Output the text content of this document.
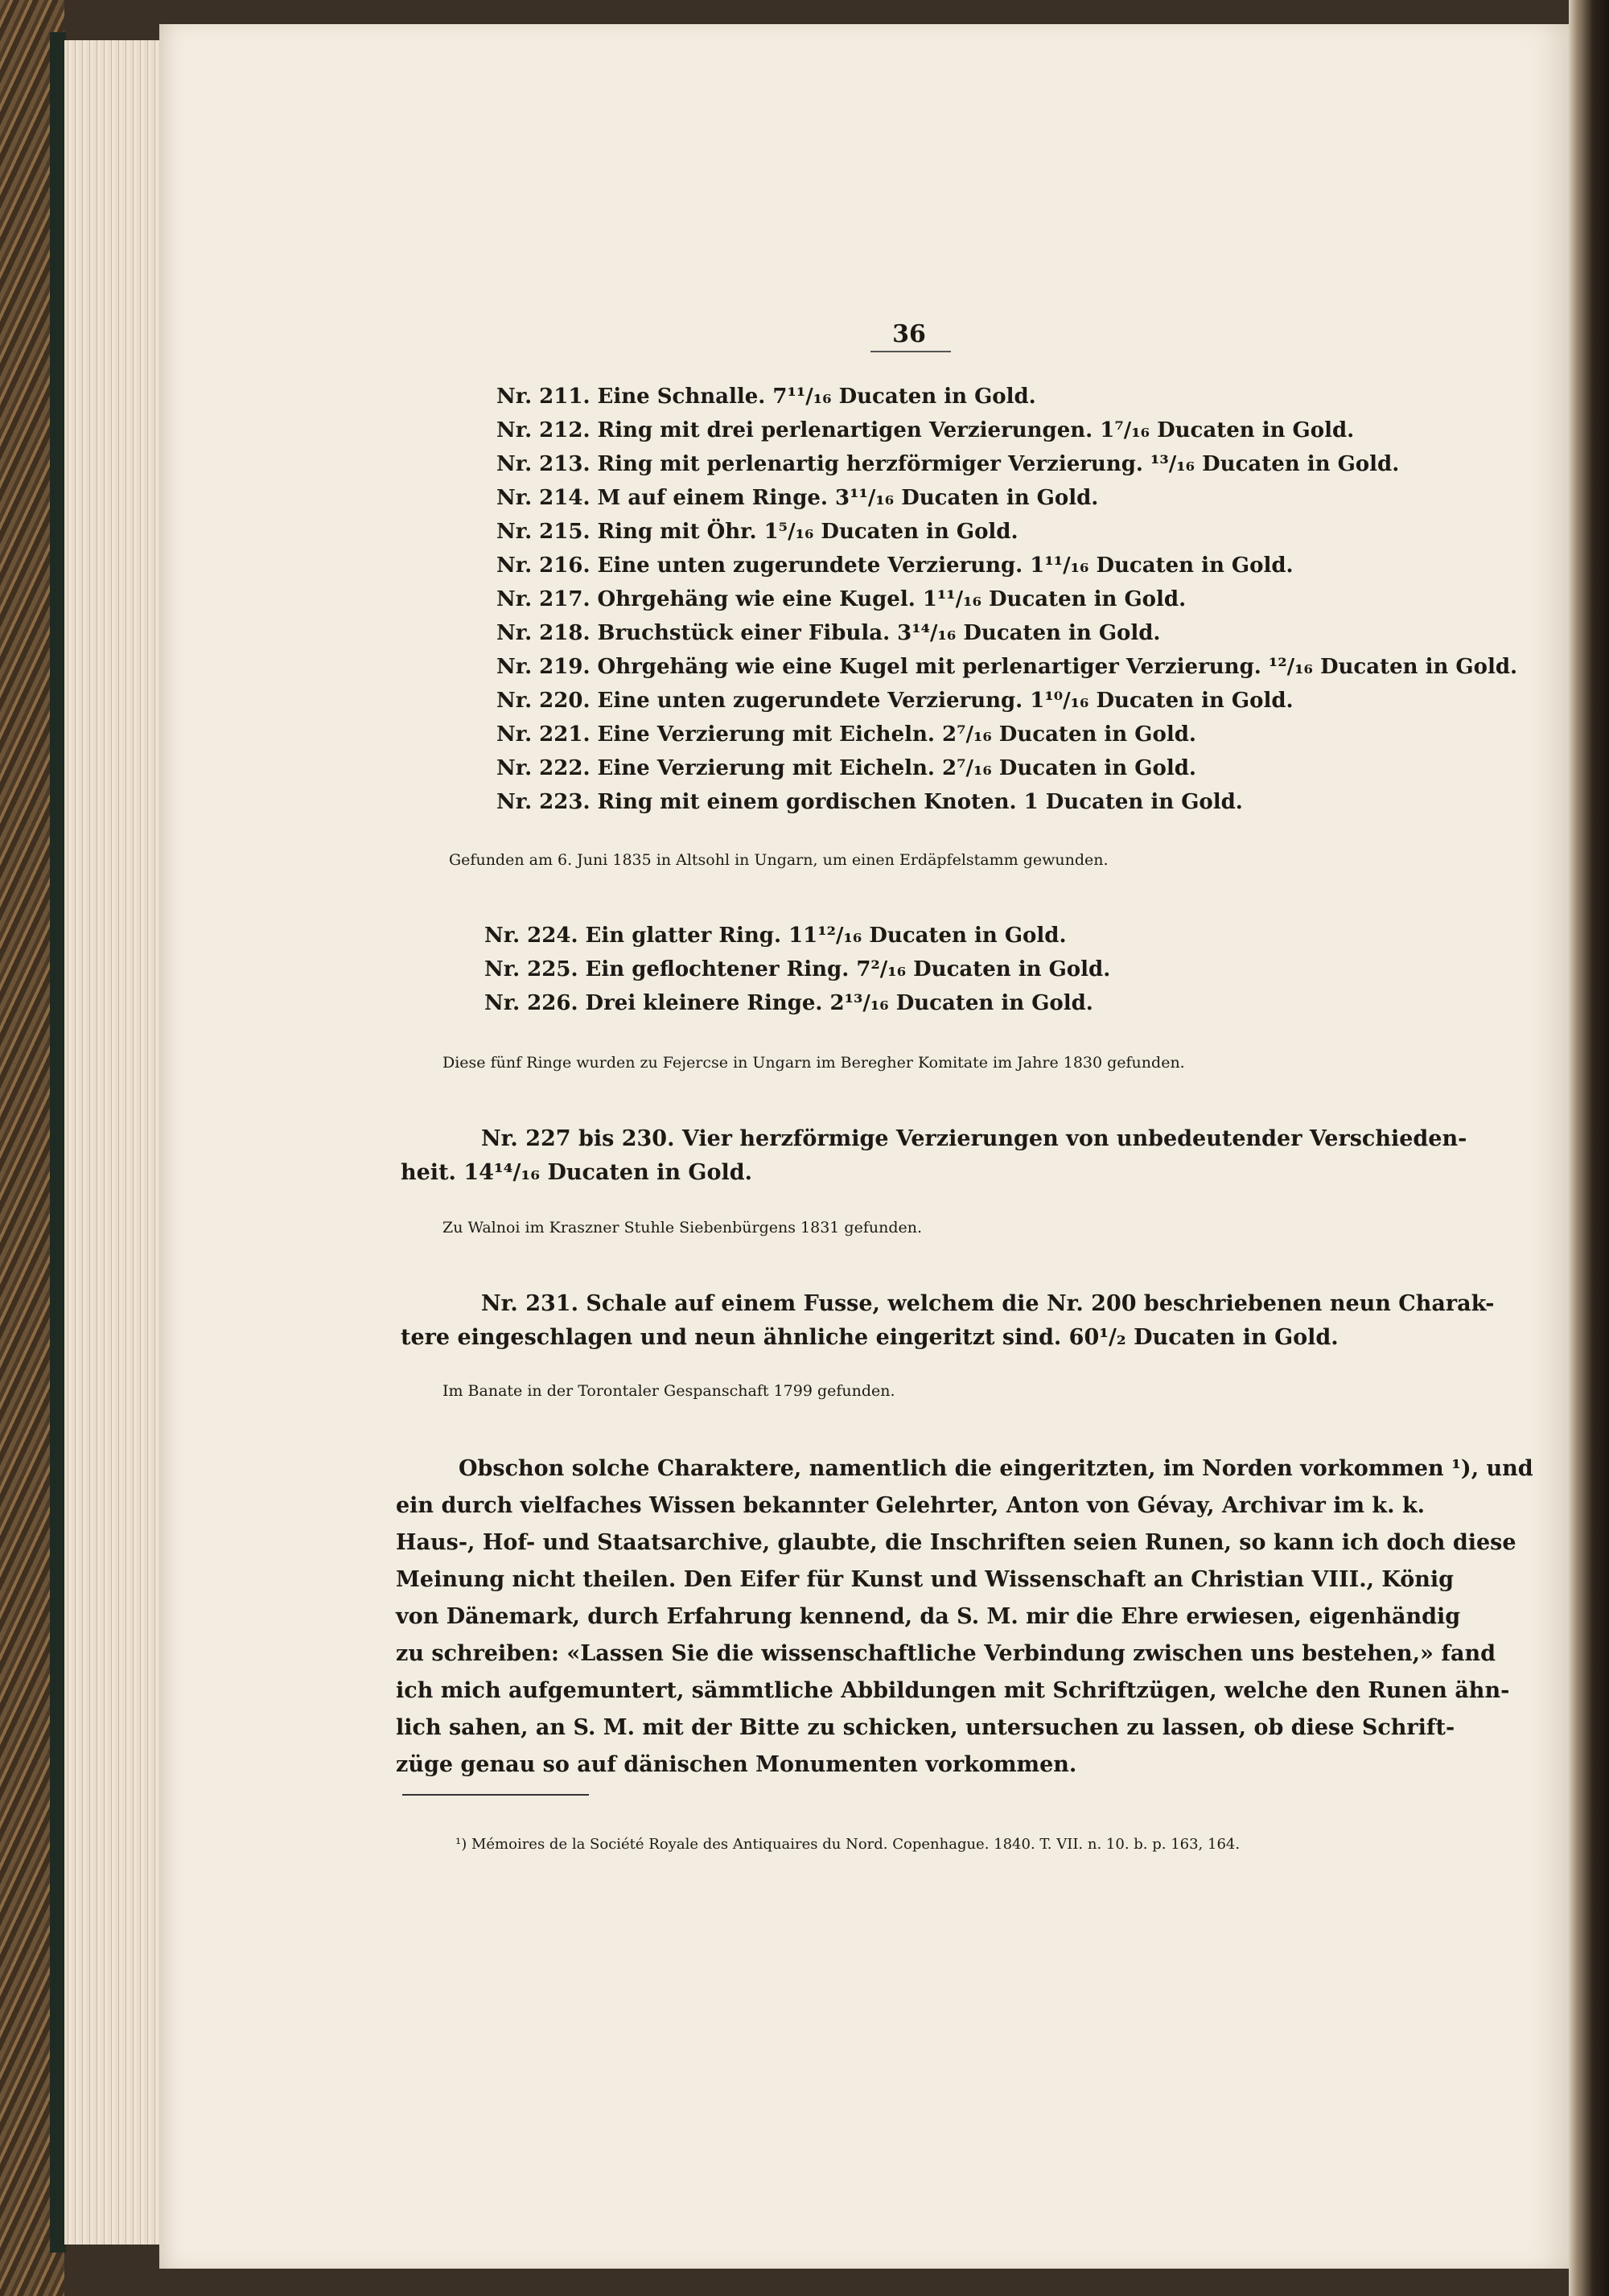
36
Nr. 211. Eine Schnalle. 7¹¹/₁₆ Ducaten in Gold.
Nr. 212. Ring mit drei perlenartigen Verzierungen. 1⁷/₁₆ Ducaten in Gold.
Nr. 213. Ring mit perlenartig herzförmiger Verzierung. ¹³/₁₆ Ducaten in Gold.
Nr. 214. M auf einem Ringe. 3¹¹/₁₆ Ducaten in Gold.
Nr. 215. Ring mit Öhr. 1⁵/₁₆ Ducaten in Gold.
Nr. 216. Eine unten zugerundete Verzierung. 1¹¹/₁₆ Ducaten in Gold.
Nr. 217. Ohrgehäng wie eine Kugel. 1¹¹/₁₆ Ducaten in Gold.
Nr. 218. Bruchstück einer Fibula. 3¹⁴/₁₆ Ducaten in Gold.
Nr. 219. Ohrgehäng wie eine Kugel mit perlenartiger Verzierung. ¹²/₁₆ Ducaten in Gold.
Nr. 220. Eine unten zugerundete Verzierung. 1¹⁰/₁₆ Ducaten in Gold.
Nr. 221. Eine Verzierung mit Eicheln. 2⁷/₁₆ Ducaten in Gold.
Nr. 222. Eine Verzierung mit Eicheln. 2⁷/₁₆ Ducaten in Gold.
Nr. 223. Ring mit einem gordischen Knoten. 1 Ducaten in Gold.
Gefunden am 6. Juni 1835 in Altsohl in Ungarn, um einen Erdäpfelstamm gewunden.
Nr. 224. Ein glatter Ring. 11¹²/₁₆ Ducaten in Gold.
Nr. 225. Ein geflochtener Ring. 7²/₁₆ Ducaten in Gold.
Nr. 226. Drei kleinere Ringe. 2¹³/₁₆ Ducaten in Gold.
Diese fünf Ringe wurden zu Fejercse in Ungarn im Beregher Komitate im Jahre 1830 gefunden.
Nr. 227 bis 230. Vier herzförmige Verzierungen von unbedeutender Verschieden-
heit. 14¹⁴/₁₆ Ducaten in Gold.
Zu Walnoi im Kraszner Stuhle Siebenbürgens 1831 gefunden.
Nr. 231. Schale auf einem Fusse, welchem die Nr. 200 beschriebenen neun Charak-
tere eingeschlagen und neun ähnliche eingeritzt sind. 60¹/₂ Ducaten in Gold.
Im Banate in der Torontaler Gespanschaft 1799 gefunden.
Obschon solche Charaktere, namentlich die eingeritzten, im Norden vorkommen ¹), und
ein durch vielfaches Wissen bekannter Gelehrter, Anton von Gévay, Archivar im k. k.
Haus-, Hof- und Staatsarchive, glaubte, die Inschriften seien Runen, so kann ich doch diese
Meinung nicht theilen. Den Eifer für Kunst und Wissenschaft an Christian VIII., König
von Dänemark, durch Erfahrung kennend, da S. M. mir die Ehre erwiesen, eigenhändig
zu schreiben: «Lassen Sie die wissenschaftliche Verbindung zwischen uns bestehen,» fand
ich mich aufgemuntert, sämmtliche Abbildungen mit Schriftzügen, welche den Runen ähn-
lich sahen, an S. M. mit der Bitte zu schicken, untersuchen zu lassen, ob diese Schrift-
züge genau so auf dänischen Monumenten vorkommen.
¹) Mémoires de la Société Royale des Antiquaires du Nord. Copenhague. 1840. T. VII. n. 10. b. p. 163, 164.
